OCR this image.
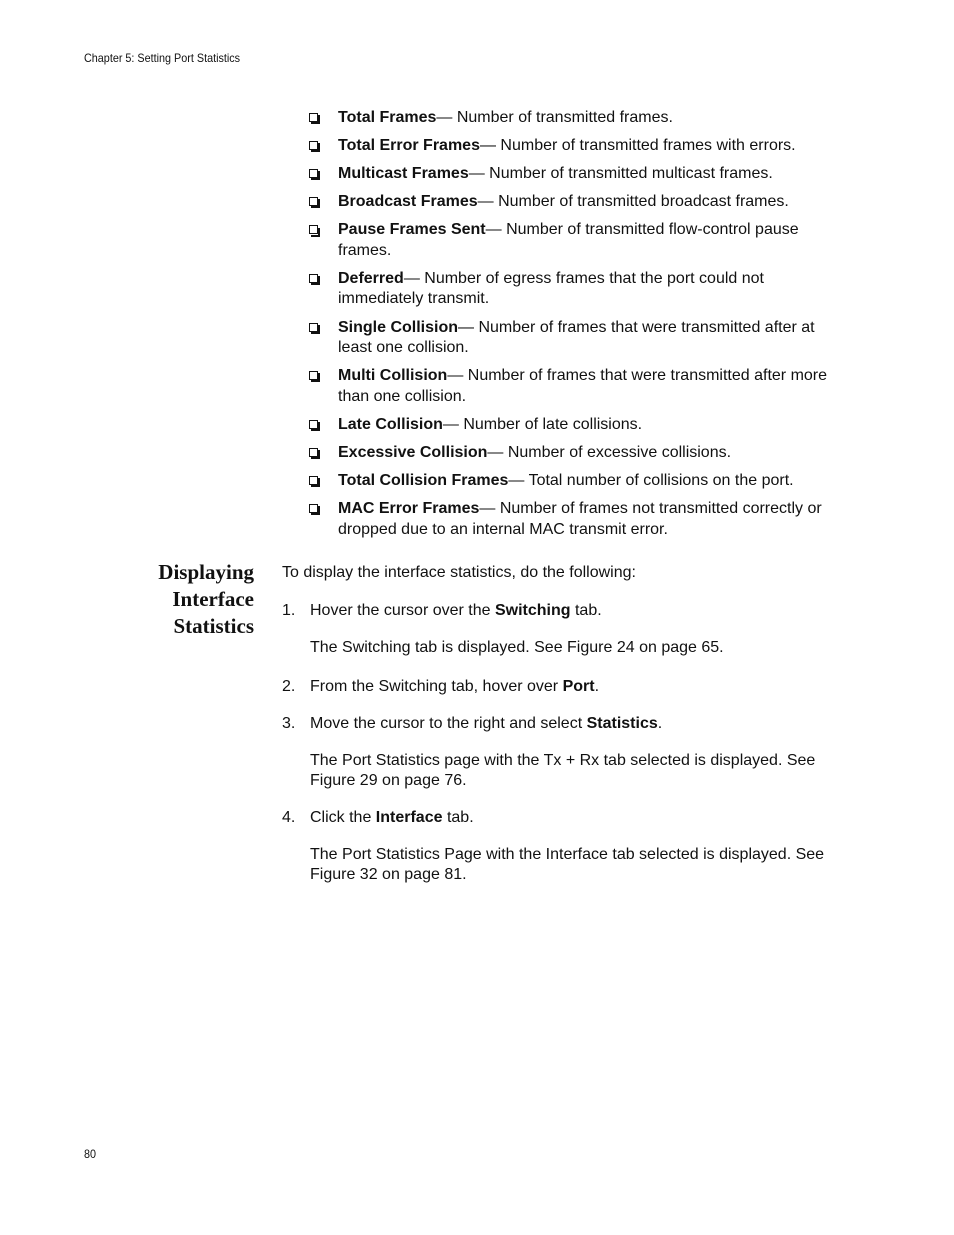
Chapter 5: Setting Port Statistics
Total Frames— Number of transmitted frames.
Total Error Frames— Number of transmitted frames with errors.
Multicast Frames— Number of transmitted multicast frames.
Broadcast Frames— Number of transmitted broadcast frames.
Pause Frames Sent— Number of transmitted flow-control pause frames.
Deferred— Number of egress frames that the port could not immediately transmit.
Single Collision— Number of frames that were transmitted after at least one collision.
Multi Collision— Number of frames that were transmitted after more than one collision.
Late Collision— Number of late collisions.
Excessive Collision— Number of excessive collisions.
Total Collision Frames— Total number of collisions on the port.
MAC Error Frames— Number of frames not transmitted correctly or dropped due to an internal MAC transmit error.
Displaying
Interface
Statistics
To display the interface statistics, do the following:
1. Hover the cursor over the Switching tab.
The Switching tab is displayed. See Figure 24 on page 65.
2. From the Switching tab, hover over Port.
3. Move the cursor to the right and select Statistics.
The Port Statistics page with the Tx + Rx tab selected is displayed. See Figure 29 on page 76.
4. Click the Interface tab.
The Port Statistics Page with the Interface tab selected is displayed. See Figure 32 on page 81.
80
